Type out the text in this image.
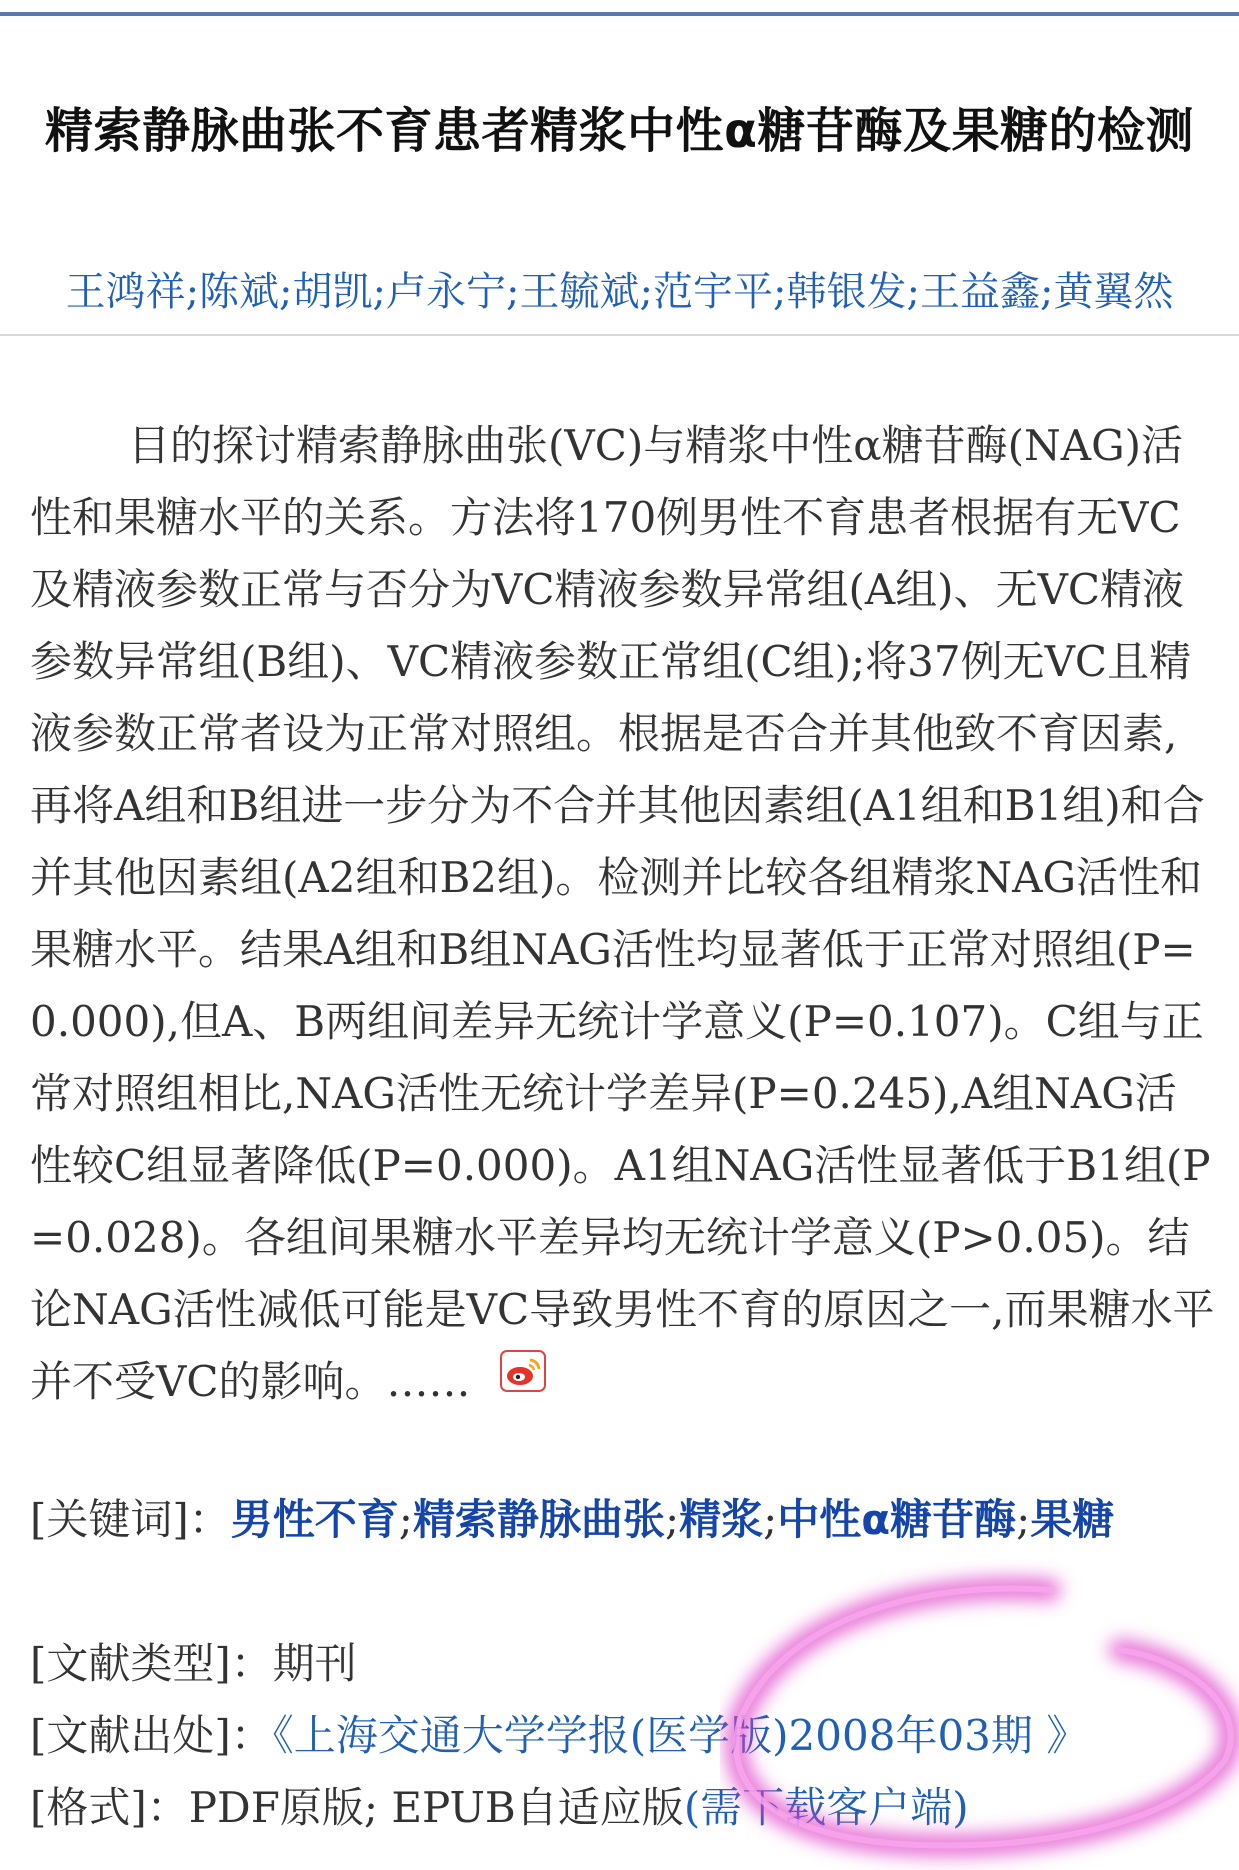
精索静脉曲张不育患者精浆中性α糖苷酶及果糖的检测
王鸿祥;陈斌;胡凯;卢永宁;王毓斌;范宇平;韩银发;王益鑫;黄翼然

目的探讨精索静脉曲张(VC)与精浆中性α糖苷酶(NAG)活性和果糖水平的关系。方法将170例男性不育患者根据有无VC及精液参数正常与否分为VC精液参数异常组(A组)、无VC精液参数异常组(B组)、VC精液参数正常组(C组);将37例无VC且精液参数正常者设为正常对照组。根据是否合并其他致不育因素,再将A组和B组进一步分为不合并其他因素组(A1组和B1组)和合并其他因素组(A2组和B2组)。检测并比较各组精浆NAG活性和果糖水平。结果A组和B组NAG活性均显著低于正常对照组(P=0.000),但A、B两组间差异无统计学意义(P=0.107)。C组与正常对照组相比,NAG活性无统计学差异(P=0.245),A组NAG活性较C组显著降低(P=0.000)。A1组NAG活性显著低于B1组(P=0.028)。各组间果糖水平差异均无统计学意义(P>0.05)。结论NAG活性减低可能是VC导致男性不育的原因之一,而果糖水平并不受VC的影响。……

[关键词]：男性不育;精索静脉曲张;精浆;中性α糖苷酶;果糖

[文献类型]：期刊

[文献出处]：《上海交通大学学报(医学版)2008年03期 》

[格式]：PDF原版; EPUB自适应版(需下载客户端)
